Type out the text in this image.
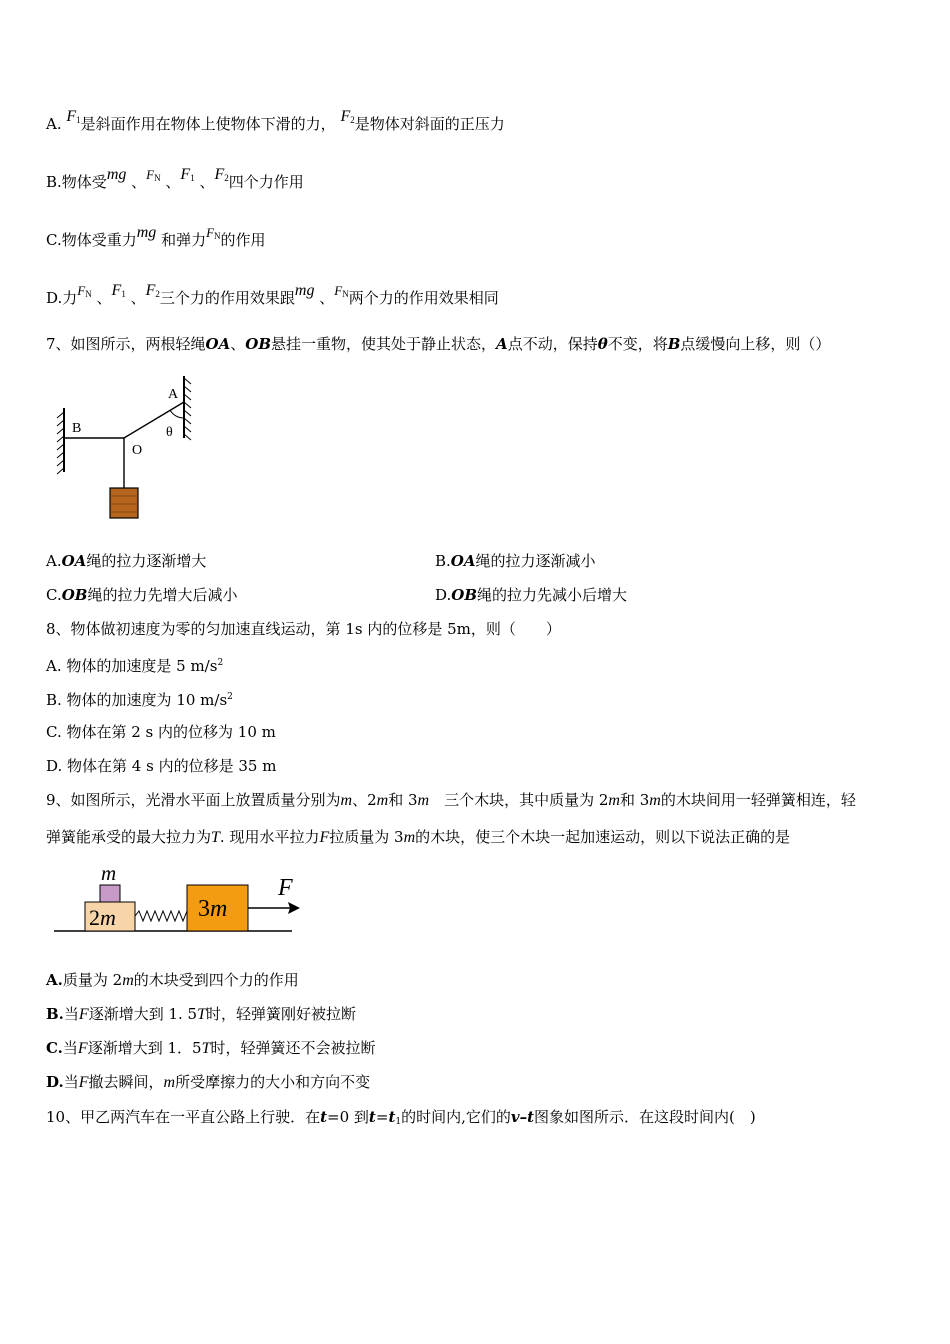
A. $F_1$是斜面作用在物体上使物体下滑的力， $F_2$是物体对斜面的正压力
B.物体受mg 、$F_N$ 、$F_1$ 、$F_2$四个力作用
C.物体受重力mg 和弹力$F_N$的作用
D.力$F_N$ 、$F_1$ 、$F_2$三个力的作用效果跟mg 、$F_N$两个力的作用效果相同
7、如图所示，两根轻绳OA、OB悬挂一重物，使其处于静止状态，A点不动，保持θ不变，将B点缓慢向上移，则（）
B
O
A
θ
A.OA绳的拉力逐渐增大	B.OA绳的拉力逐渐减小
C.OB绳的拉力先增大后减小	D.OB绳的拉力先减小后增大
8、物体做初速度为零的匀加速直线运动，第 1s 内的位移是 5m，则（　　）
A. 物体的加速度是 5 $m/s^2$
B. 物体的加速度为 10 $m/s^2$
C. 物体在第 2 s 内的位移为 10 m
D. 物体在第 4 s 内的位移是 35 m
9、如图所示，光滑水平面上放置质量分别为m、2m和 3m　三个木块，其中质量为 2m和 3m的木块间用一轻弹簧相连，轻
弹簧能承受的最大拉力为T. 现用水平拉力F拉质量为 3m的木块，使三个木块一起加速运动，则以下说法正确的是
m
2m	3m
F
A.质量为 2m的木块受到四个力的作用
B.当F逐渐增大到 1. 5T时，轻弹簧刚好被拉断
C.当F逐渐增大到 1．5T时，轻弹簧还不会被拉断
D.当F撤去瞬间，m所受摩擦力的大小和方向不变
10、甲乙两汽车在一平直公路上行驶．在t=0 到$t=t_1$的时间内,它们的v–t图象如图所示．在这段时间内(　)
